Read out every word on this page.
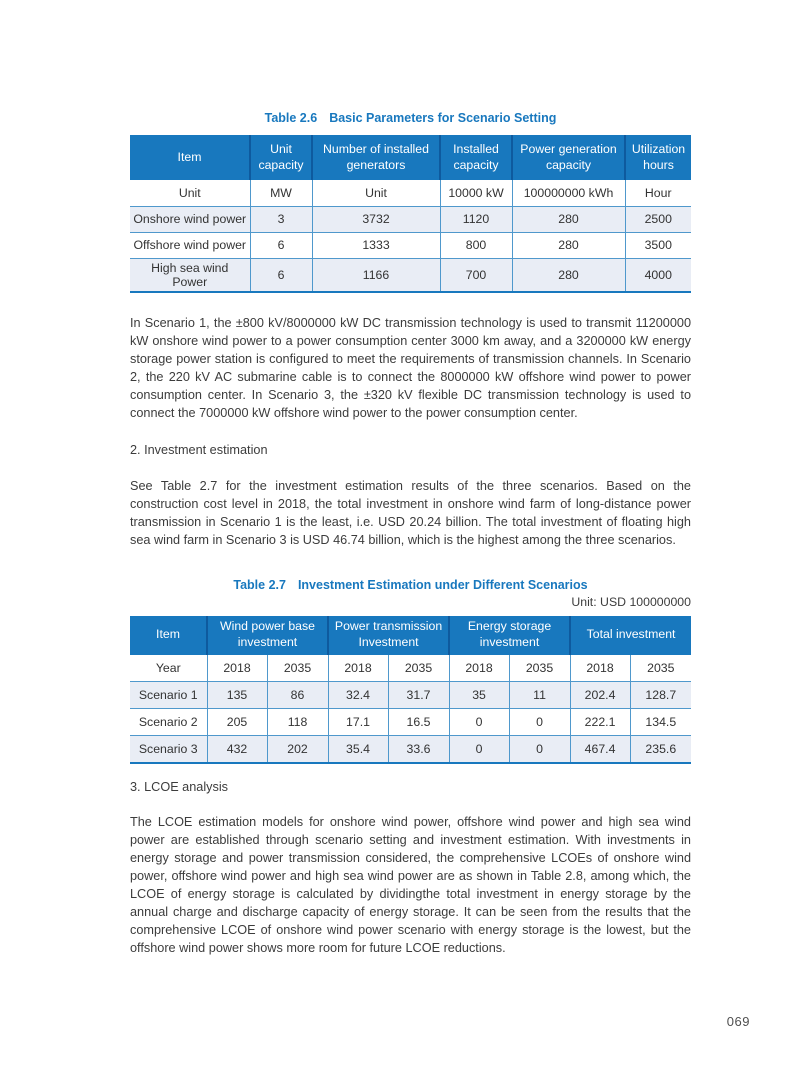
Table 2.6 Basic Parameters for Scenario Setting
Item	Unit capacity	Number of installed generators	Installed capacity	Power generation capacity	Utilization hours
Unit	MW	Unit	10000 kW	100000000 kWh	Hour
Onshore wind power	3	3732	1120	280	2500
Offshore wind power	6	1333	800	280	3500
High sea wind Power	6	1166	700	280	4000

In Scenario 1, the ±800 kV/8000000 kW DC transmission technology is used to transmit 11200000 kW onshore wind power to a power consumption center 3000 km away, and a 3200000 kW energy storage power station is configured to meet the requirements of transmission channels. In Scenario 2, the 220 kV AC submarine cable is to connect the 8000000 kW offshore wind power to power consumption center. In Scenario 3, the ±320 kV flexible DC transmission technology is used to connect the 7000000 kW offshore wind power to the power consumption center.

2. Investment estimation

See Table 2.7 for the investment estimation results of the three scenarios. Based on the construction cost level in 2018, the total investment in onshore wind farm of long-distance power transmission in Scenario 1 is the least, i.e. USD 20.24 billion. The total investment of floating high sea wind farm in Scenario 3 is USD 46.74 billion, which is the highest among the three scenarios.

Table 2.7 Investment Estimation under Different Scenarios
Unit: USD 100000000
Item	Wind power base investment		Power transmission Investment		Energy storage investment		Total investment	
Year	2018	2035	2018	2035	2018	2035	2018	2035
Scenario 1	135	86	32.4	31.7	35	11	202.4	128.7
Scenario 2	205	118	17.1	16.5	0	0	222.1	134.5
Scenario 3	432	202	35.4	33.6	0	0	467.4	235.6

3. LCOE analysis

The LCOE estimation models for onshore wind power, offshore wind power and high sea wind power are established through scenario setting and investment estimation. With investments in energy storage and power transmission considered, the comprehensive LCOEs of onshore wind power, offshore wind power and high sea wind power are as shown in Table 2.8, among which, the LCOE of energy storage is calculated by dividingthe total investment in energy storage by the annual charge and discharge capacity of energy storage. It can be seen from the results that the comprehensive LCOE of onshore wind power scenario with energy storage is the lowest, but the offshore wind power shows more room for future LCOE reductions.

069
